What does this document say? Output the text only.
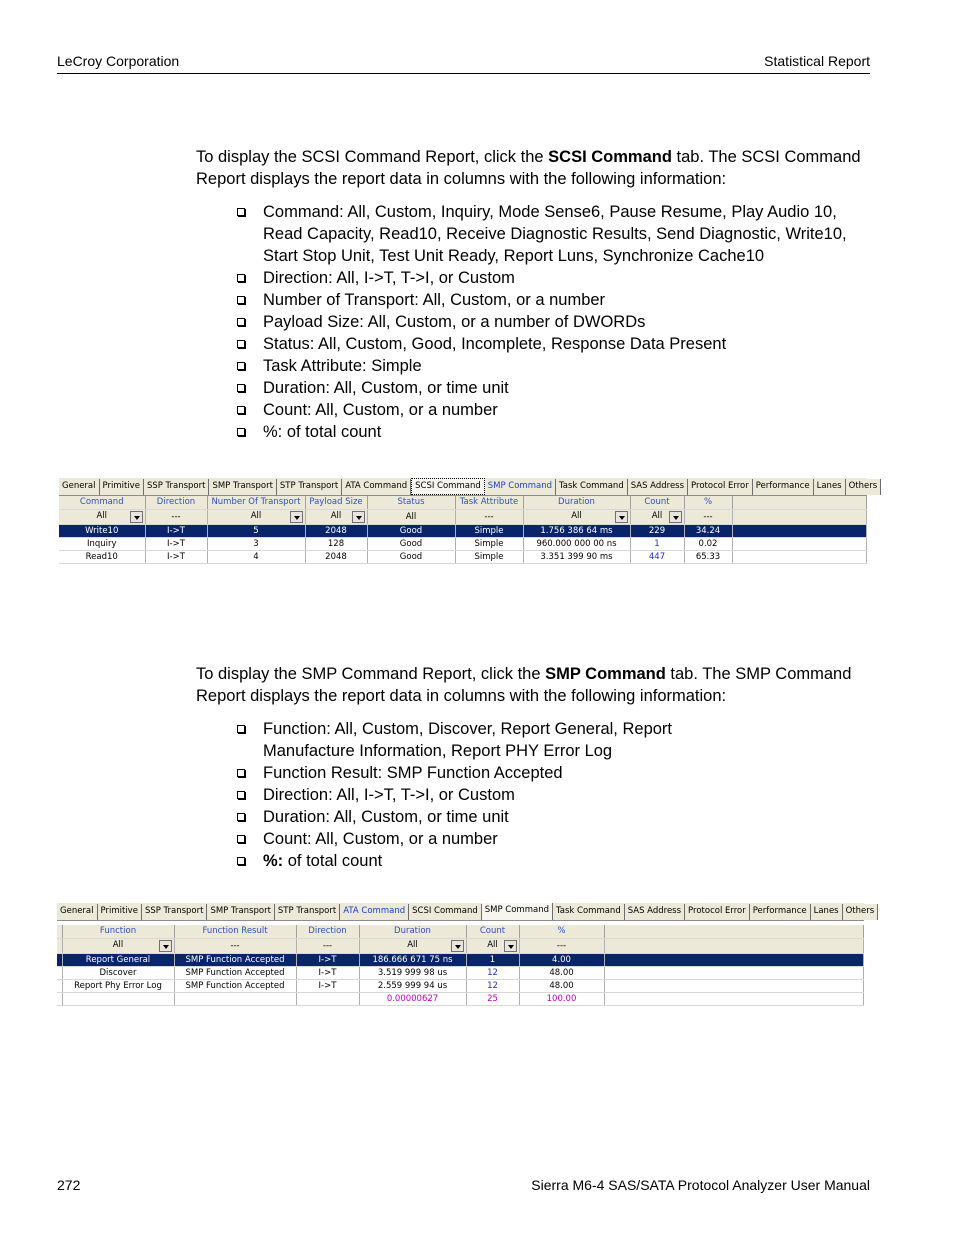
LeCroy Corporation	Statistical Report

To display the SCSI Command Report, click the SCSI Command tab. The SCSI Command Report displays the report data in columns with the following information:

Command: All, Custom, Inquiry, Mode Sense6, Pause Resume, Play Audio 10, Read Capacity, Read10, Receive Diagnostic Results, Send Diagnostic, Write10, Start Stop Unit, Test Unit Ready, Report Luns, Synchronize Cache10
Direction: All, I->T, T->I, or Custom
Number of Transport: All, Custom, or a number
Payload Size: All, Custom, or a number of DWORDs
Status: All, Custom, Good, Incomplete, Response Data Present
Task Attribute: Simple
Duration: All, Custom, or time unit
Count: All, Custom, or a number
%: of total count
General Primitive SSP Transport SMP Transport STP Transport ATA Command SCSI Command SMP Command Task Command SAS Address Protocol Error Performance Lanes Others
Command	Direction	Number Of Transport	Payload Size	Status	Task Attribute	Duration	Count	%	

All	---	All	All	All	---	All	All	---	
Write10	I->T	5	2048	Good	Simple	1.756 386 64 ms	229	34.24	
Inquiry	I->T	3	128	Good	Simple	960.000 000 00 ns	1	0.02	
Read10	I->T	4	2048	Good	Simple	3.351 399 90 ms	447	65.33	

To display the SMP Command Report, click the SMP Command tab. The SMP Command Report displays the report data in columns with the following information:

Function: All, Custom, Discover, Report General, Report Manufacture Information, Report PHY Error Log
Function Result: SMP Function Accepted
Direction: All, I->T, T->I, or Custom
Duration: All, Custom, or time unit
Count: All, Custom, or a number
%: of total count
General Primitive SSP Transport SMP Transport STP Transport ATA Command SCSI Command SMP Command Task Command SAS Address Protocol Error Performance Lanes Others
	Function	Function Result	Direction	Duration	Count	%	

	All	---	---	All	All	---	
	Report General	SMP Function Accepted	I->T	186.666 671 75 ns	1	4.00	
	Discover	SMP Function Accepted	I->T	3.519 999 98 us	12	48.00	
	Report Phy Error Log	SMP Function Accepted	I->T	2.559 999 94 us	12	48.00	
				0.00000627	25	100.00	
272	Sierra M6-4 SAS/SATA Protocol Analyzer User Manual
